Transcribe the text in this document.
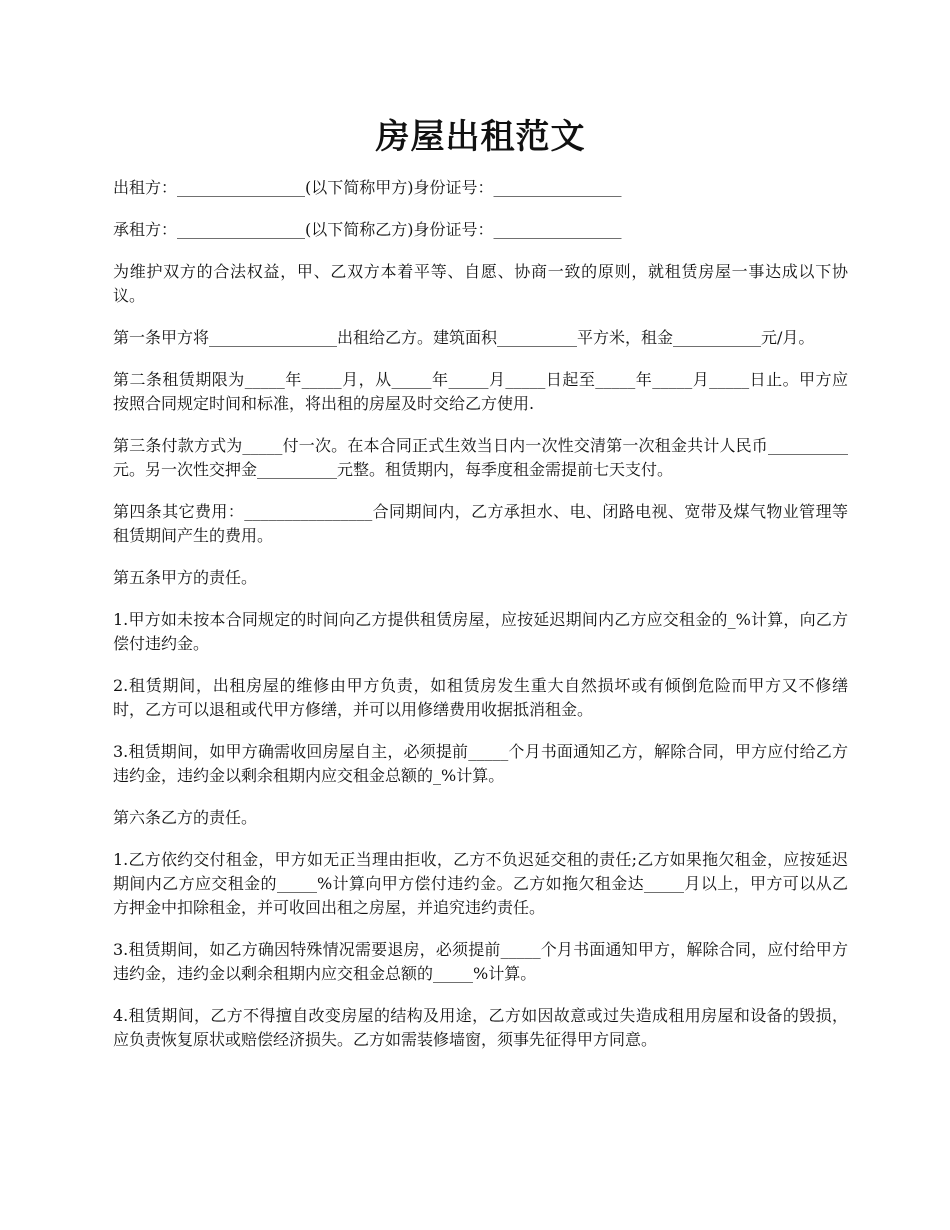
房屋出租范文

出租方：________________(以下简称甲方)身份证号：________________

承租方：________________(以下简称乙方)身份证号：________________

为维护双方的合法权益，甲、乙双方本着平等、自愿、协商一致的原则，就租赁房屋一事达成以下协议。

第一条甲方将________________出租给乙方。建筑面积__________平方米，租金___________元/月。

第二条租赁期限为_____年_____月，从_____年_____月_____日起至_____年_____月_____日止。甲方应按照合同规定时间和标准，将出租的房屋及时交给乙方使用.

第三条付款方式为_____付一次。在本合同正式生效当日内一次性交清第一次租金共计人民币__________元。另一次性交押金__________元整。租赁期内，每季度租金需提前七天支付。

第四条其它费用：________________合同期间内，乙方承担水、电、闭路电视、宽带及煤气物业管理等租赁期间产生的费用。

第五条甲方的责任。

1.甲方如未按本合同规定的时间向乙方提供租赁房屋，应按延迟期间内乙方应交租金的_%计算，向乙方偿付违约金。

2.租赁期间，出租房屋的维修由甲方负责，如租赁房发生重大自然损坏或有倾倒危险而甲方又不修缮时，乙方可以退租或代甲方修缮，并可以用修缮费用收据抵消租金。

3.租赁期间，如甲方确需收回房屋自主，必须提前_____个月书面通知乙方，解除合同，甲方应付给乙方违约金，违约金以剩余租期内应交租金总额的_%计算。

第六条乙方的责任。

1.乙方依约交付租金，甲方如无正当理由拒收，乙方不负迟延交租的责任;乙方如果拖欠租金，应按延迟期间内乙方应交租金的_____%计算向甲方偿付违约金。乙方如拖欠租金达_____月以上，甲方可以从乙方押金中扣除租金，并可收回出租之房屋，并追究违约责任。

3.租赁期间，如乙方确因特殊情况需要退房，必须提前_____个月书面通知甲方，解除合同，应付给甲方违约金，违约金以剩余租期内应交租金总额的_____%计算。

4.租赁期间，乙方不得擅自改变房屋的结构及用途，乙方如因故意或过失造成租用房屋和设备的毁损，应负责恢复原状或赔偿经济损失。乙方如需装修墙窗，须事先征得甲方同意。
